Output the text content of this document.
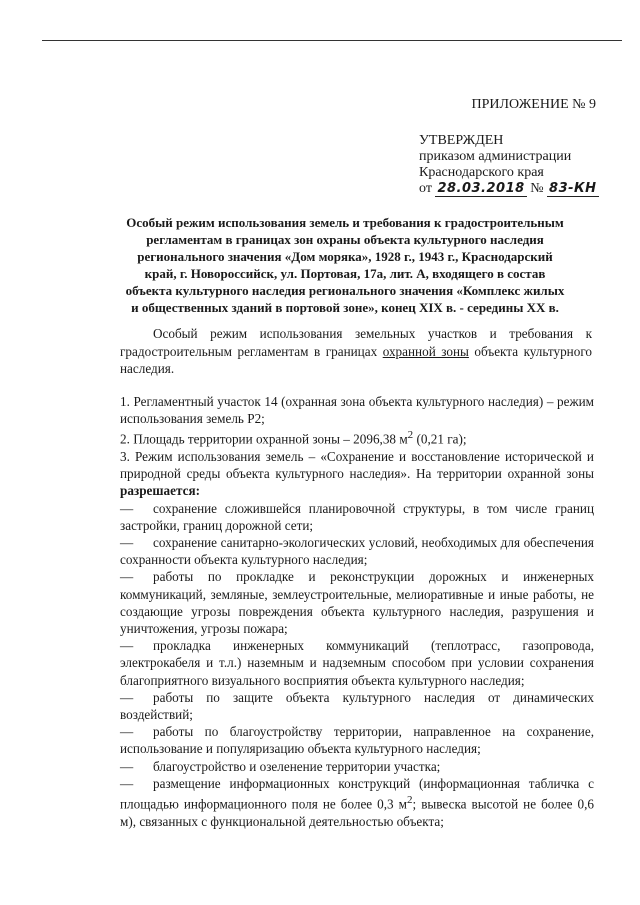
ПРИЛОЖЕНИЕ № 9
УТВЕРЖДЕН
приказом администрации
Краснодарского края
от 28.03.2018 № 83-КН
Особый режим использования земель и требования к градостроительным
регламентам в границах зон охраны объекта культурного наследия
регионального значения «Дом моряка», 1928 г., 1943 г., Краснодарский
край, г. Новороссийск, ул. Портовая, 17а, лит. А, входящего в состав
объекта культурного наследия регионального значения «Комплекс жилых
и общественных зданий в портовой зоне», конец XIX в. - середины XX в.
Особый режим использования земельных участков и требования к градостроительным регламентам в границах охранной зоны объекта культурного наследия.

1. Регламентный участок 14 (охранная зона объекта культурного наследия) – режим использования земель Р2;

2. Площадь территории охранной зоны – 2096,38 $м^2$ (0,21 га);

3. Режим использования земель – «Сохранение и восстановление исторической и природной среды объекта культурного наследия». На территории охранной зоны разрешается:

— сохранение сложившейся планировочной структуры, в том числе границ застройки, границ дорожной сети;

— сохранение санитарно-экологических условий, необходимых для обеспечения сохранности объекта культурного наследия;

— работы по прокладке и реконструкции дорожных и инженерных коммуникаций, земляные, землеустроительные, мелиоративные и иные работы, не создающие угрозы повреждения объекта культурного наследия, разрушения и уничтожения, угрозы пожара;

— прокладка инженерных коммуникаций (теплотрасс, газопровода, электрокабеля и т.л.) наземным и надземным способом при условии сохранения благоприятного визуального восприятия объекта культурного наследия;

— работы по защите объекта культурного наследия от динамических воздействий;

— работы по благоустройству территории, направленное на сохранение, использование и популяризацию объекта культурного наследия;

— благоустройство и озеленение территории участка;

— размещение информационных конструкций (информационная табличка с площадью информационного поля не более 0,3 $м^2$; вывеска высотой не более 0,6 м), связанных с функциональной деятельностью объекта;
